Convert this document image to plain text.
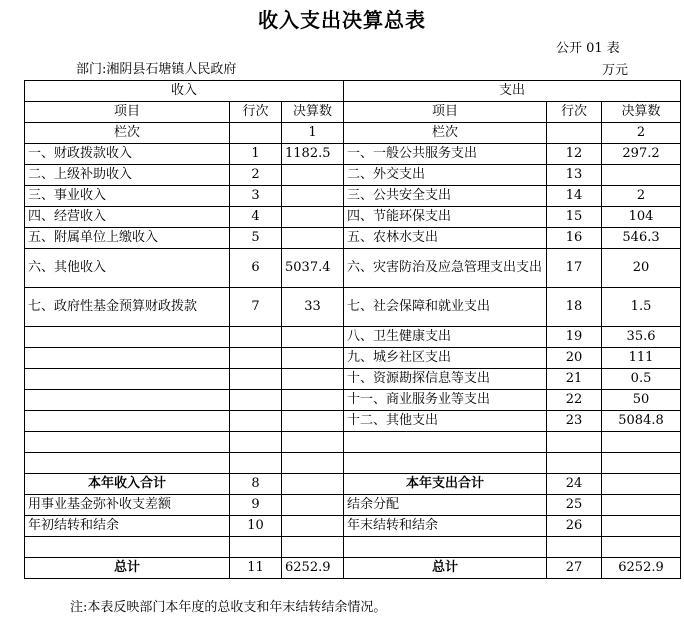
收入支出决算总表
公开 01 表
部门:湘阴县石塘镇人民政府	万元
收入			支出		
项目	行次	决算数	项目	行次	决算数
栏次		1	栏次		2
一、财政拨款收入	1	1182.5	一、一般公共服务支出	12	297.2
二、上级补助收入	2		二、外交支出	13	
三、事业收入	3		三、公共安全支出	14	2
四、经营收入	4		四、节能环保支出	15	104
五、附属单位上缴收入	5		五、农林水支出	16	546.3
六、其他收入	6	5037.4	六、灾害防治及应急管理支出支出	17	20
七、政府性基金预算财政拨款	7	33	七、社会保障和就业支出	18	1.5
			八、卫生健康支出	19	35.6
			九、城乡社区支出	20	111
			十、资源勘探信息等支出	21	0.5
			十一、商业服务业等支出	22	50
			十二、其他支出	23	5084.8

本年收入合计	8		本年支出合计	24	
用事业基金弥补收支差额	9		结余分配	25	
年初结转和结余	10		年末结转和结余	26	

总计	11	6252.9	总计	27	6252.9
注:本表反映部门本年度的总收支和年末结转结余情况。
